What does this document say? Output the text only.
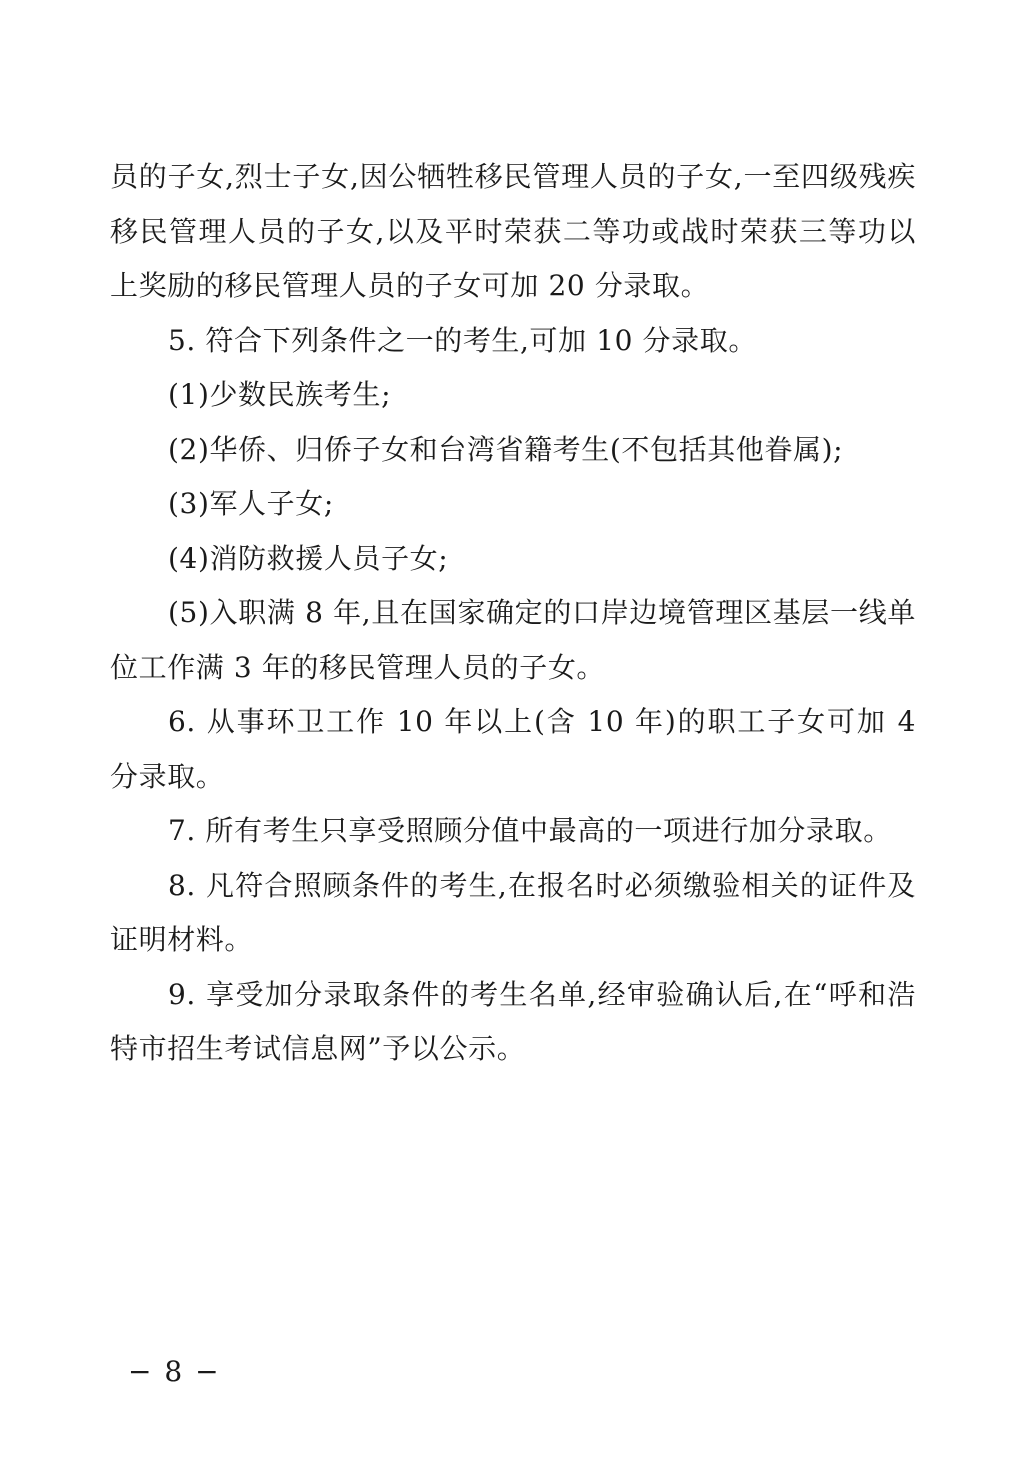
员的子女,烈士子女,因公牺牲移民管理人员的子女,一至四级残疾移民管理人员的子女,以及平时荣获二等功或战时荣获三等功以上奖励的移民管理人员的子女可加 20 分录取。

5. 符合下列条件之一的考生,可加 10 分录取。

(1)少数民族考生;

(2)华侨、归侨子女和台湾省籍考生(不包括其他眷属);

(3)军人子女;

(4)消防救援人员子女;

(5)入职满 8 年,且在国家确定的口岸边境管理区基层一线单位工作满 3 年的移民管理人员的子女。

6. 从事环卫工作 10 年以上(含 10 年)的职工子女可加 4 分录取。

7. 所有考生只享受照顾分值中最高的一项进行加分录取。

8. 凡符合照顾条件的考生,在报名时必须缴验相关的证件及证明材料。

9. 享受加分录取条件的考生名单,经审验确认后,在“呼和浩特市招生考试信息网”予以公示。

− 8 −
